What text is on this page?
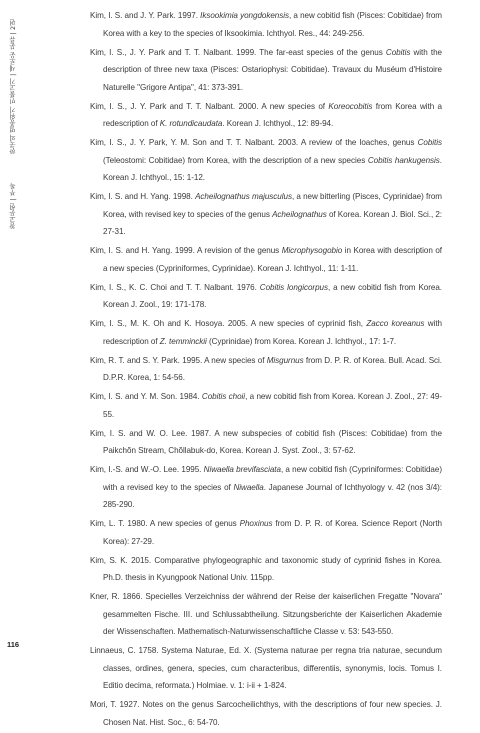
한국의 멸종위기 민물고기 | 새로운 분류 | 2편
참고문헌 | 부록
Kim, I. S. and J. Y. Park. 1997. Iksookimia yongdokensis, a new cobitid fish (Pisces: Cobitidae) from Korea with a key to the species of Iksookimia. Ichthyol. Res., 44: 249-256.
Kim, I. S., J. Y. Park and T. T. Nalbant. 1999. The far-east species of the genus Cobitis with the description of three new taxa (Pisces: Ostariophysi: Cobitidae). Travaux du Muséum d'Histoire Naturelle "Grigore Antipa", 41: 373-391.
Kim, I. S., J. Y. Park and T. T. Nalbant. 2000. A new species of Koreocobitis from Korea with a redescription of K. rotundicaudata. Korean J. Ichthyol., 12: 89-94.
Kim, I. S., J. Y. Park, Y. M. Son and T. T. Nalbant. 2003. A review of the loaches, genus Cobitis (Teleostomi: Cobitidae) from Korea, with the description of a new species Cobitis hankugensis. Korean J. Ichthyol., 15: 1-12.
Kim, I. S. and H. Yang. 1998. Acheilognathus majusculus, a new bitterling (Pisces, Cyprinidae) from Korea, with revised key to species of the genus Acheilognathus of Korea. Korean J. Biol. Sci., 2: 27-31.
Kim, I. S. and H. Yang. 1999. A revision of the genus Microphysogobio in Korea with description of a new species (Cypriniformes, Cyprinidae). Korean J. Ichthyol., 11: 1-11.
Kim, I. S., K. C. Choi and T. T. Nalbant. 1976. Cobitis longicorpus, a new cobitid fish from Korea. Korean J. Zool., 19: 171-178.
Kim, I. S., M. K. Oh and K. Hosoya. 2005. A new species of cyprinid fish, Zacco koreanus with redescription of Z. temminckii (Cyprinidae) from Korea. Korean J. Ichthyol., 17: 1-7.
Kim, R. T. and S. Y. Park. 1995. A new species of Misgurnus from D. P. R. of Korea. Bull. Acad. Sci. D.P.R. Korea, 1: 54-56.
Kim, I. S. and Y. M. Son. 1984. Cobitis choii, a new cobitid fish from Korea. Korean J. Zool., 27: 49-55.
Kim, I. S. and W. O. Lee. 1987. A new subspecies of cobitid fish (Pisces: Cobitidae) from the Paikchŏn Stream, Chŏllabuk-do, Korea. Korean J. Syst. Zool., 3: 57-62.
Kim, I.-S. and W.-O. Lee. 1995. Niwaella brevifasciata, a new cobitid fish (Cypriniformes: Cobitidae) with a revised key to the species of Niwaella. Japanese Journal of Ichthyology v. 42 (nos 3/4): 285-290.
Kim, L. T. 1980. A new species of genus Phoxinus from D. P. R. of Korea. Science Report (North Korea): 27-29.
Kim, S. K. 2015. Comparative phylogeographic and taxonomic study of cyprinid fishes in Korea. Ph.D. thesis in Kyungpook National Univ. 115pp.
Kner, R. 1866. Specielles Verzeichniss der während der Reise der kaiserlichen Fregatte "Novara" gesammelten Fische. III. und Schlussabtheilung. Sitzungsberichte der Kaiserlichen Akademie der Wissenschaften. Mathematisch-Naturwissenschaftliche Classe v. 53: 543-550.
Linnaeus, C. 1758. Systema Naturae, Ed. X. (Systema naturae per regna tria naturae, secundum classes, ordines, genera, species, cum characteribus, differentiis, synonymis, locis. Tomus I. Editio decima, reformata.) Holmiae. v. 1: i-ii + 1-824.
Mori, T. 1927. Notes on the genus Sarcocheilichthys, with the descriptions of four new species. J. Chosen Nat. Hist. Soc., 6: 54-70.
116
